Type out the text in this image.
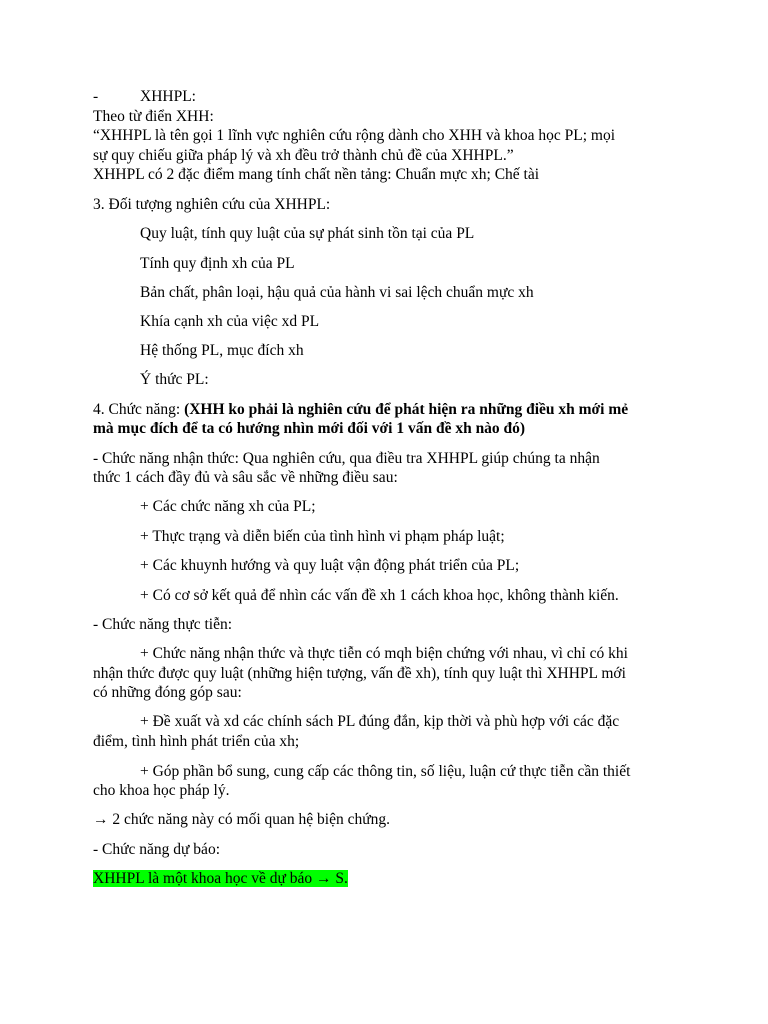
-	XHHPL:
Theo từ điển XHH:
“XHHPL là tên gọi 1 lĩnh vực nghiên cứu rộng dành cho XHH và khoa học PL; mọi
sự quy chiếu giữa pháp lý và xh đều trở thành chủ đề của XHHPL.”
XHHPL có 2 đặc điểm mang tính chất nền tảng: Chuẩn mực xh; Chế tài
3. Đối tượng nghiên cứu của XHHPL:
Quy luật, tính quy luật của sự phát sinh tồn tại của PL
Tính quy định xh của PL
Bản chất, phân loại, hậu quả của hành vi sai lệch chuẩn mực xh
Khía cạnh xh của việc xd PL
Hệ thống PL, mục đích xh
Ý thức PL:
4. Chức năng: (XHH ko phải là nghiên cứu để phát hiện ra những điều xh mới mẻ
mà mục đích để ta có hướng nhìn mới đối với 1 vấn đề xh nào đó)
- Chức năng nhận thức: Qua nghiên cứu, qua điều tra XHHPL giúp chúng ta nhận
thức 1 cách đầy đủ và sâu sắc về những điều sau:
+ Các chức năng xh của PL;
+ Thực trạng và diễn biến của tình hình vi phạm pháp luật;
+ Các khuynh hướng và quy luật vận động phát triển của PL;
+ Có cơ sở kết quả để nhìn các vấn đề xh 1 cách khoa học, không thành kiến.
- Chức năng thực tiễn:
+ Chức năng nhận thức và thực tiễn có mqh biện chứng với nhau, vì chỉ có khi
nhận thức được quy luật (những hiện tượng, vấn đề xh), tính quy luật thì XHHPL mới
có những đóng góp sau:
+ Đề xuất và xd các chính sách PL đúng đắn, kịp thời và phù hợp với các đặc
điểm, tình hình phát triển của xh;
+ Góp phần bổ sung, cung cấp các thông tin, số liệu, luận cứ thực tiễn cần thiết
cho khoa học pháp lý.
→ 2 chức năng này có mối quan hệ biện chứng.
- Chức năng dự báo:
XHHPL là một khoa học về dự báo → S.
